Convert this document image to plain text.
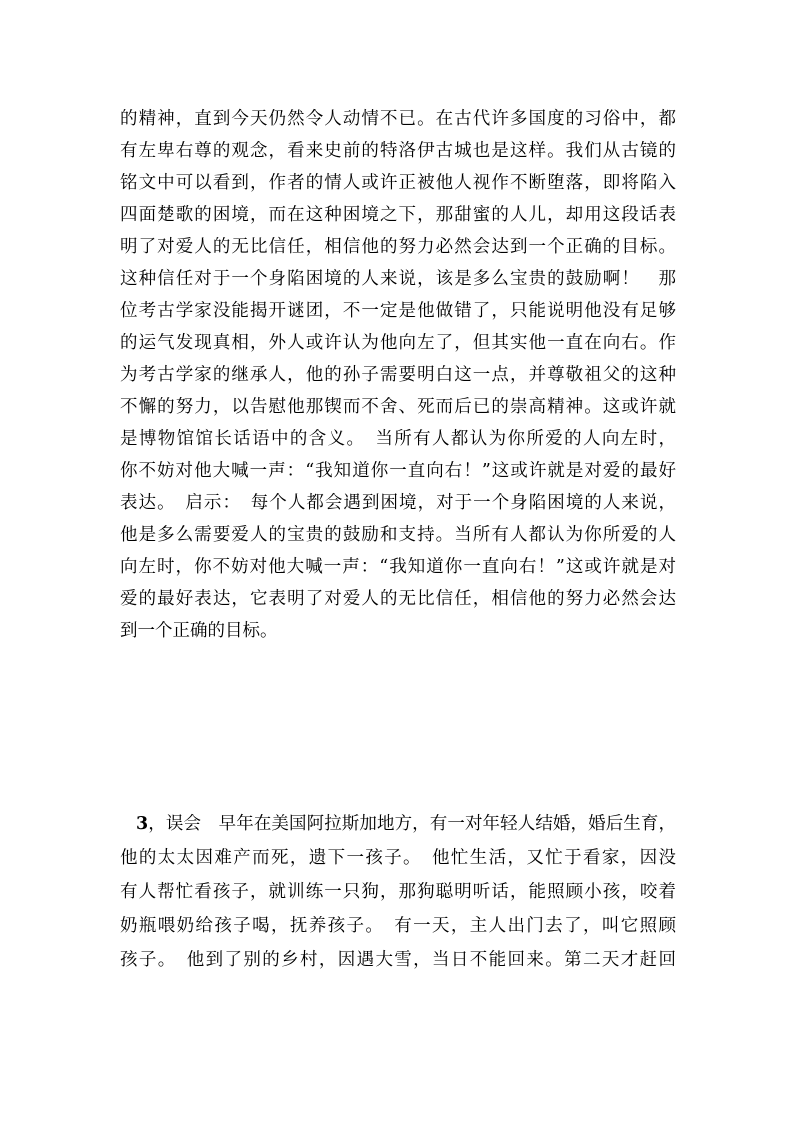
的精神，直到今天仍然令人动情不已。在古代许多国度的习俗中，都
有左卑右尊的观念，看来史前的特洛伊古城也是这样。我们从古镜的
铭文中可以看到，作者的情人或许正被他人视作不断堕落，即将陷入
四面楚歌的困境，而在这种困境之下，那甜蜜的人儿，却用这段话表
明了对爱人的无比信任，相信他的努力必然会达到一个正确的目标。
这种信任对于一个身陷困境的人来说，该是多么宝贵的鼓励啊！　那
位考古学家没能揭开谜团，不一定是他做错了，只能说明他没有足够
的运气发现真相，外人或许认为他向左了，但其实他一直在向右。作
为考古学家的继承人，他的孙子需要明白这一点，并尊敬祖父的这种
不懈的努力，以告慰他那锲而不舍、死而后已的崇高精神。这或许就
是博物馆馆长话语中的含义。　当所有人都认为你所爱的人向左时，
你不妨对他大喊一声：“我知道你一直向右！”这或许就是对爱的最好
表达。　启示：　每个人都会遇到困境，对于一个身陷困境的人来说，
他是多么需要爱人的宝贵的鼓励和支持。当所有人都认为你所爱的人
向左时，你不妨对他大喊一声：“我知道你一直向右！”这或许就是对
爱的最好表达，它表明了对爱人的无比信任，相信他的努力必然会达
到一个正确的目标。
3，误会　早年在美国阿拉斯加地方，有一对年轻人结婚，婚后生育，
他的太太因难产而死，遗下一孩子。　他忙生活，又忙于看家，因没
有人帮忙看孩子，就训练一只狗，那狗聪明听话，能照顾小孩，咬着
奶瓶喂奶给孩子喝，抚养孩子。　有一天，主人出门去了，叫它照顾
孩子。　他到了别的乡村，因遇大雪，当日不能回来。第二天才赶回
